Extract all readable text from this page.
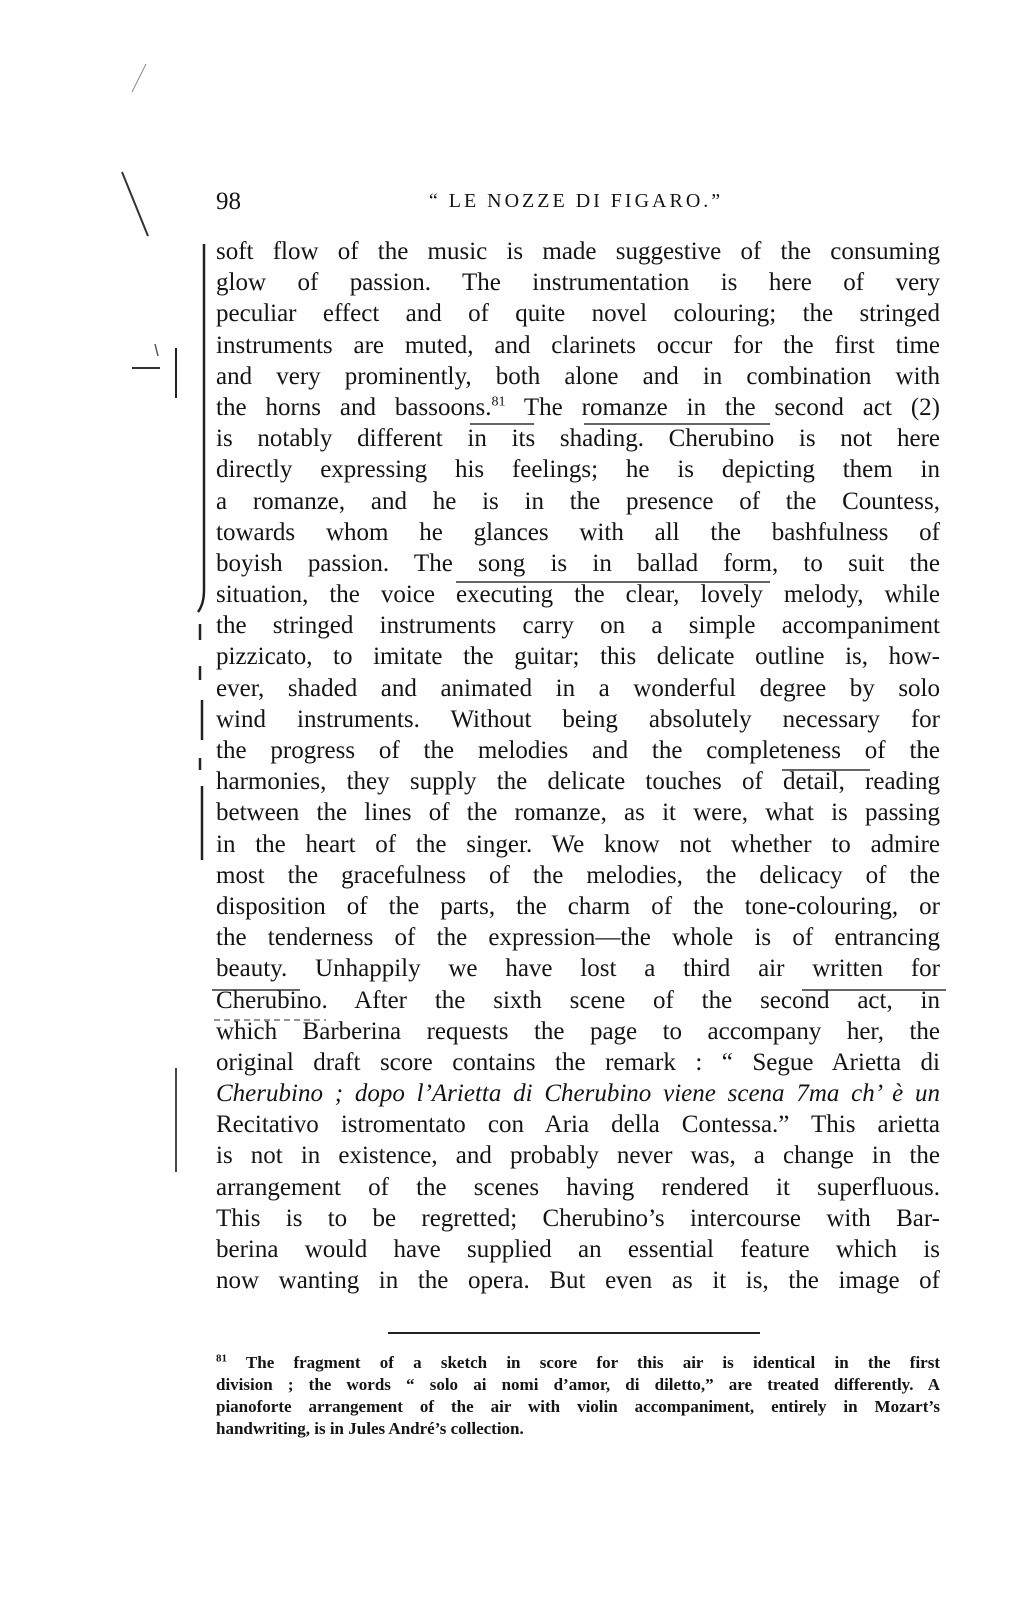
98	“ LE NOZZE DI FIGARO.”
soft flow of the music is made suggestive of the consuming
glow of passion. The instrumentation is here of very
peculiar effect and of quite novel colouring; the stringed
instruments are muted, and clarinets occur for the first time
and very prominently, both alone and in combination with
the horns and bassoons.$^{81}$ The romanze in the second act (2)
is notably different in its shading. Cherubino is not here
directly expressing his feelings; he is depicting them in
a romanze, and he is in the presence of the Countess,
towards whom he glances with all the bashfulness of
boyish passion. The song is in ballad form, to suit the
situation, the voice executing the clear, lovely melody, while
the stringed instruments carry on a simple accompaniment
pizzicato, to imitate the guitar; this delicate outline is, how-
ever, shaded and animated in a wonderful degree by solo
wind instruments. Without being absolutely necessary for
the progress of the melodies and the completeness of the
harmonies, they supply the delicate touches of detail, reading
between the lines of the romanze, as it were, what is passing
in the heart of the singer. We know not whether to admire
most the gracefulness of the melodies, the delicacy of the
disposition of the parts, the charm of the tone-colouring, or
the tenderness of the expression—the whole is of entrancing
beauty. Unhappily we have lost a third air written for
Cherubino. After the sixth scene of the second act, in
which Barberina requests the page to accompany her, the
original draft score contains the remark : “ Segue Arietta di
Cherubino ; dopo l’Arietta di Cherubino viene scena 7ma ch’ è un
Recitativo istromentato con Aria della Contessa.” This arietta
is not in existence, and probably never was, a change in the
arrangement of the scenes having rendered it superfluous.
This is to be regretted; Cherubino’s intercourse with Bar-
berina would have supplied an essential feature which is
now wanting in the opera. But even as it is, the image of
$^{81}$ The fragment of a sketch in score for this air is identical in the first
division ; the words “ solo ai nomi d’amor, di diletto,” are treated differently. A
pianoforte arrangement of the air with violin accompaniment, entirely in Mozart’s
handwriting, is in Jules André’s collection.
